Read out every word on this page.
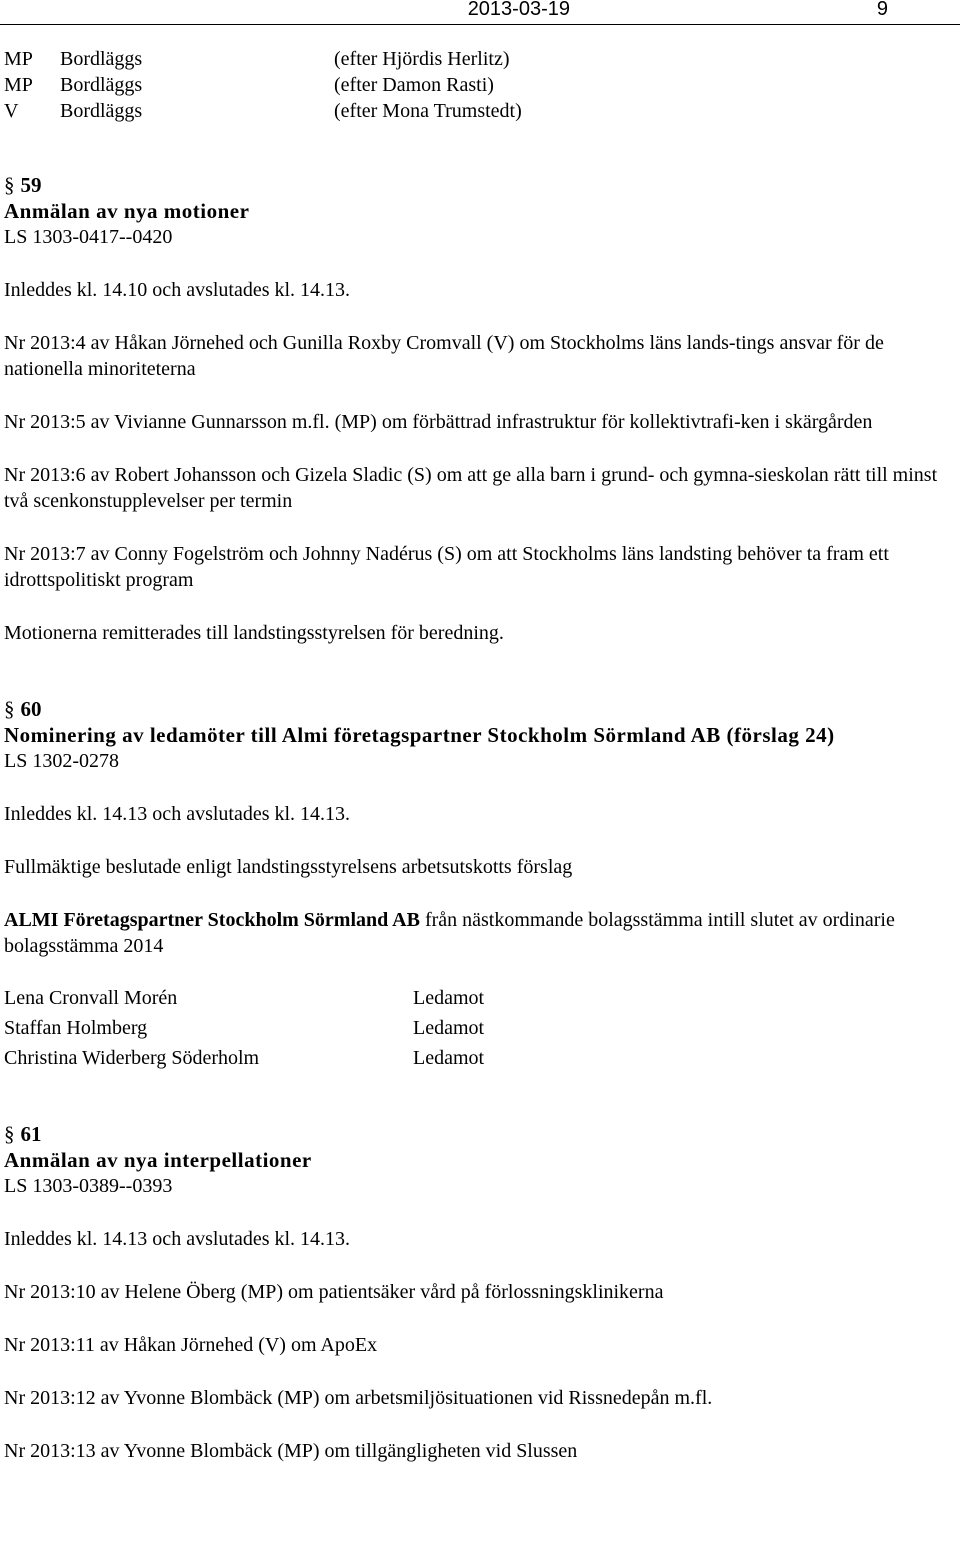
2013-03-19	9
MP	Bordläggs	(efter Hjördis Herlitz)
MP	Bordläggs	(efter Damon Rasti)
V	Bordläggs	(efter Mona Trumstedt)
§ 59
Anmälan av nya motioner
LS 1303-0417--0420
Inleddes kl. 14.10 och avslutades kl. 14.13.
Nr 2013:4 av Håkan Jörnehed och Gunilla Roxby Cromvall (V) om Stockholms läns lands-tings ansvar för de nationella minoriteterna
Nr 2013:5 av Vivianne Gunnarsson m.fl. (MP) om förbättrad infrastruktur för kollektivtrafi-ken i skärgården
Nr 2013:6 av Robert Johansson och Gizela Sladic (S) om att ge alla barn i grund- och gymna-sieskolan rätt till minst två scenkonstupplevelser per termin
Nr 2013:7 av Conny Fogelström och Johnny Nadérus (S) om att Stockholms läns landsting behöver ta fram ett idrottspolitiskt program
Motionerna remitterades till landstingsstyrelsen för beredning.
§ 60
Nominering av ledamöter till Almi företagspartner Stockholm Sörmland AB (förslag 24)
LS 1302-0278
Inleddes kl. 14.13 och avslutades kl. 14.13.
Fullmäktige beslutade enligt landstingsstyrelsens arbetsutskotts förslag
ALMI Företagspartner Stockholm Sörmland AB från nästkommande bolagsstämma intill slutet av ordinarie bolagsstämma 2014
Lena Cronvall Morén	Ledamot
Staffan Holmberg	Ledamot
Christina Widerberg Söderholm	Ledamot
§ 61
Anmälan av nya interpellationer
LS 1303-0389--0393
Inleddes kl. 14.13 och avslutades kl. 14.13.
Nr 2013:10 av Helene Öberg (MP) om patientsäker vård på förlossningsklinikerna
Nr 2013:11 av Håkan Jörnehed (V) om ApoEx
Nr 2013:12 av Yvonne Blombäck (MP) om arbetsmiljösituationen vid Rissnedepån m.fl.
Nr 2013:13 av Yvonne Blombäck (MP) om tillgängligheten vid Slussen
